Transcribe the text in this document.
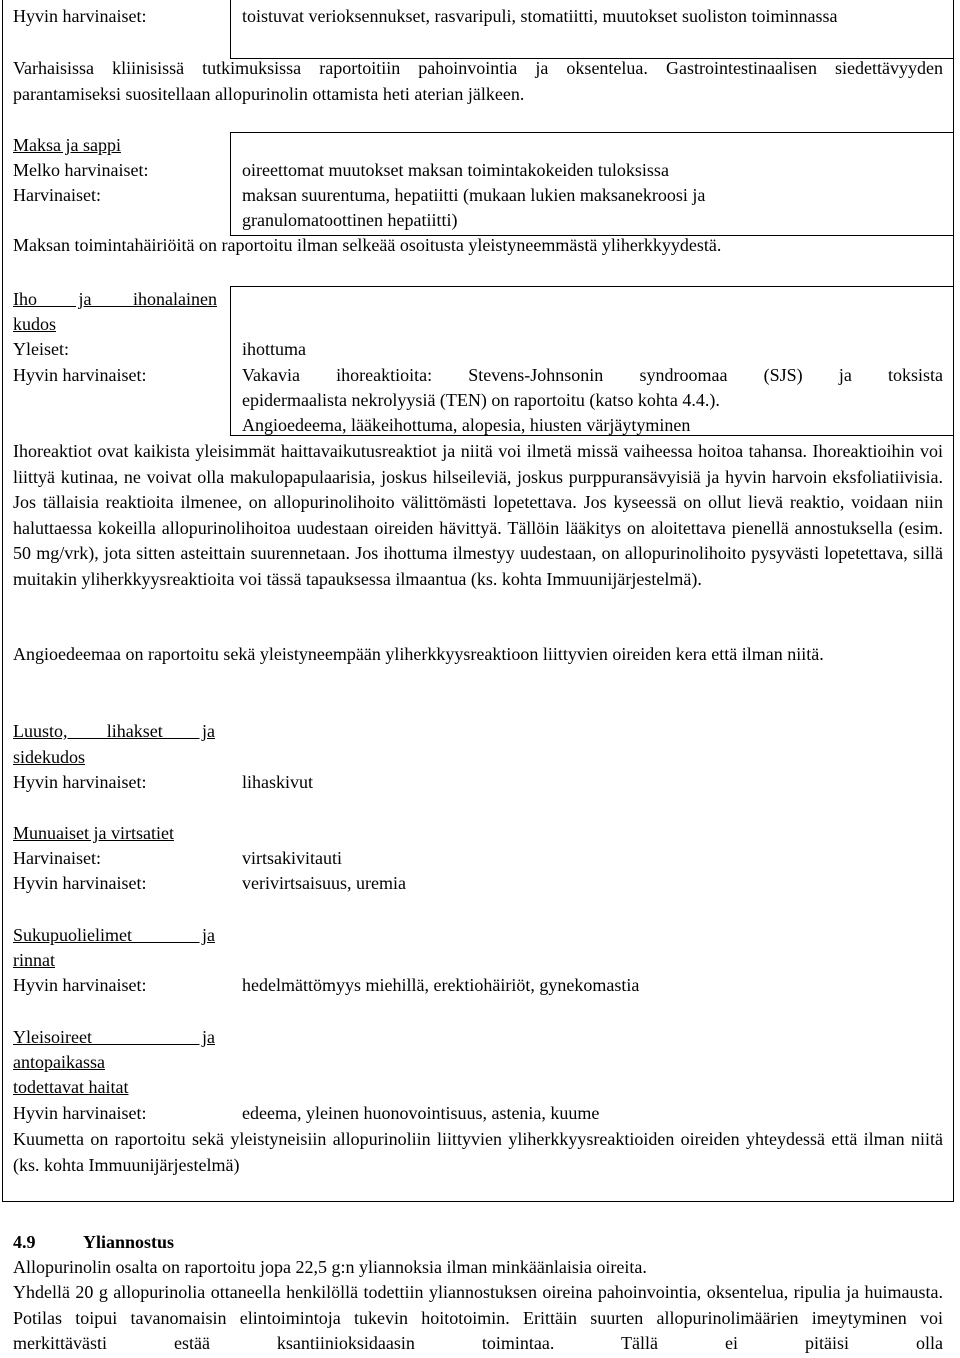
Hyvin harvinaiset:	toistuvat verioksennukset, rasvaripuli, stomatiitti, muutokset suoliston toiminnassa
Varhaisissa kliinisissä tutkimuksissa raportoitiin pahoinvointia ja oksentelua. Gastrointestinaalisen siedettävyyden parantamiseksi suositellaan allopurinolin ottamista heti aterian jälkeen.
Maksa ja sappi
Melko harvinaiset:	oireettomat muutokset maksan toimintakokeiden tuloksissa
Harvinaiset:	maksan suurentuma, hepatiitti (mukaan lukien maksanekroosi ja
granulomatoottinen hepatiitti)
Maksan toimintahäiriöitä on raportoitu ilman selkeää osoitusta yleistyneemmästä yliherkkyydestä.
Iho ja ihonalainen
kudos
Yleiset:	ihottuma
Hyvin harvinaiset:	Vakavia ihoreaktioita: Stevens-Johnsonin syndroomaa (SJS) ja toksista
epidermaalista nekrolyysiä (TEN) on raportoitu (katso kohta 4.4.).
Angioedeema, lääkeihottuma, alopesia, hiusten värjäytyminen
Ihoreaktiot ovat kaikista yleisimmät haittavaikutusreaktiot ja niitä voi ilmetä missä vaiheessa hoitoa tahansa. Ihoreaktioihin voi liittyä kutinaa, ne voivat olla makulopapulaarisia, joskus hilseileviä, joskus purppuransävyisiä ja hyvin harvoin eksfoliatiivisia. Jos tällaisia reaktioita ilmenee, on allopurinolihoito välittömästi lopetettava. Jos kyseessä on ollut lievä reaktio, voidaan niin haluttaessa kokeilla allopurinolihoitoa uudestaan oireiden hävittyä. Tällöin lääkitys on aloitettava pienellä annostuksella (esim. 50 mg/vrk), jota sitten asteittain suurennetaan. Jos ihottuma ilmestyy uudestaan, on allopurinolihoito pysyvästi lopetettava, sillä muitakin yliherkkyysreaktioita voi tässä tapauksessa ilmaantua (ks. kohta Immuunijärjestelmä).
Angioedeemaa on raportoitu sekä yleistyneempään yliherkkyysreaktioon liittyvien oireiden kera että ilman niitä.
Luusto, lihakset ja
sidekudos
Hyvin harvinaiset:	lihaskivut
Munuaiset ja virtsatiet
Harvinaiset:	virtsakivitauti
Hyvin harvinaiset:	verivirtsaisuus, uremia
Sukupuolielimet ja
rinnat
Hyvin harvinaiset:	hedelmättömyys miehillä, erektiohäiriöt, gynekomastia
Yleisoireet ja
antopaikassa
todettavat haitat
Hyvin harvinaiset:	edeema, yleinen huonovointisuus, astenia, kuume
Kuumetta on raportoitu sekä yleistyneisiin allopurinoliin liittyvien yliherkkyysreaktioiden oireiden yhteydessä että ilman niitä (ks. kohta Immuunijärjestelmä)
4.9	Yliannostus
Allopurinolin osalta on raportoitu jopa 22,5 g:n yliannoksia ilman minkäänlaisia oireita.
Yhdellä 20 g allopurinolia ottaneella henkilöllä todettiin yliannostuksen oireina pahoinvointia, oksentelua, ripulia ja huimausta. Potilas toipui tavanomaisin elintoimintoja tukevin hoitotoimin. Erittäin suurten allopurinolimäärien imeytyminen voi merkittävästi estää ksantiinioksidaasin toimintaa. Tällä ei pitäisi olla
